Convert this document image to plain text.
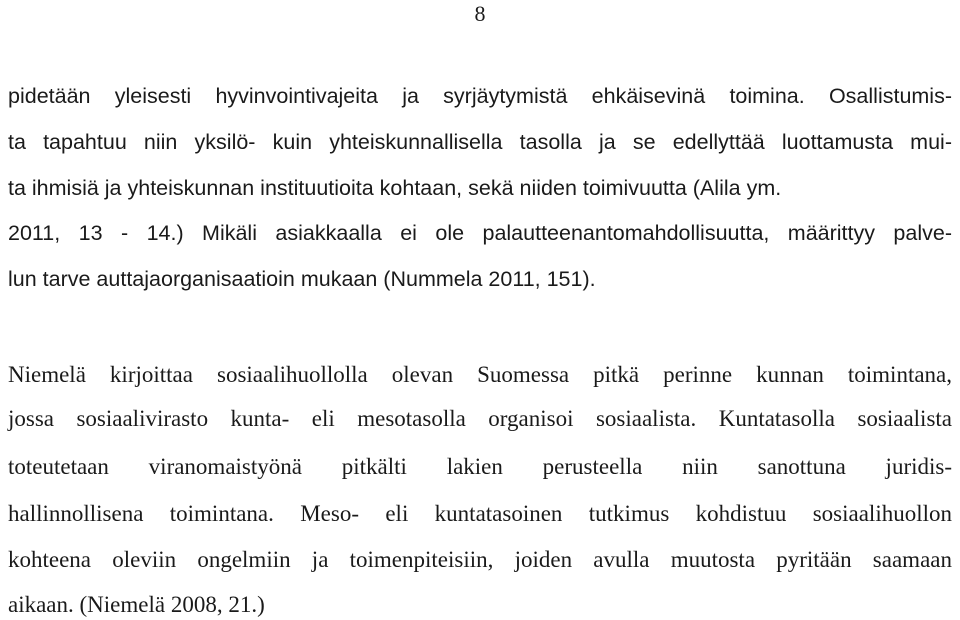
8
pidetään yleisesti hyvinvointivajeita ja syrjäytymistä ehkäisevinä toimina. Osallistumis-
ta tapahtuu niin yksilö- kuin yhteiskunnallisella tasolla ja se edellyttää luottamusta mui-
ta ihmisiä ja yhteiskunnan instituutioita kohtaan, sekä niiden toimivuutta (Alila ym.
2011, 13 - 14.) Mikäli asiakkaalla ei ole palautteenantomahdollisuutta, määrittyy palve-
lun tarve auttajaorganisaatioin mukaan (Nummela 2011, 151).
Niemelä kirjoittaa sosiaalihuollolla olevan Suomessa pitkä perinne kunnan toimintana,
jossa sosiaalivirasto kunta- eli mesotasolla organisoi sosiaalista. Kuntatasolla sosiaalista
toteutetaan viranomaistyönä pitkälti lakien perusteella niin sanottuna juridis-
hallinnollisena toimintana. Meso- eli kuntatasoinen tutkimus kohdistuu sosiaalihuollon
kohteena oleviin ongelmiin ja toimenpiteisiin, joiden avulla muutosta pyritään saamaan
aikaan. (Niemelä 2008, 21.)
